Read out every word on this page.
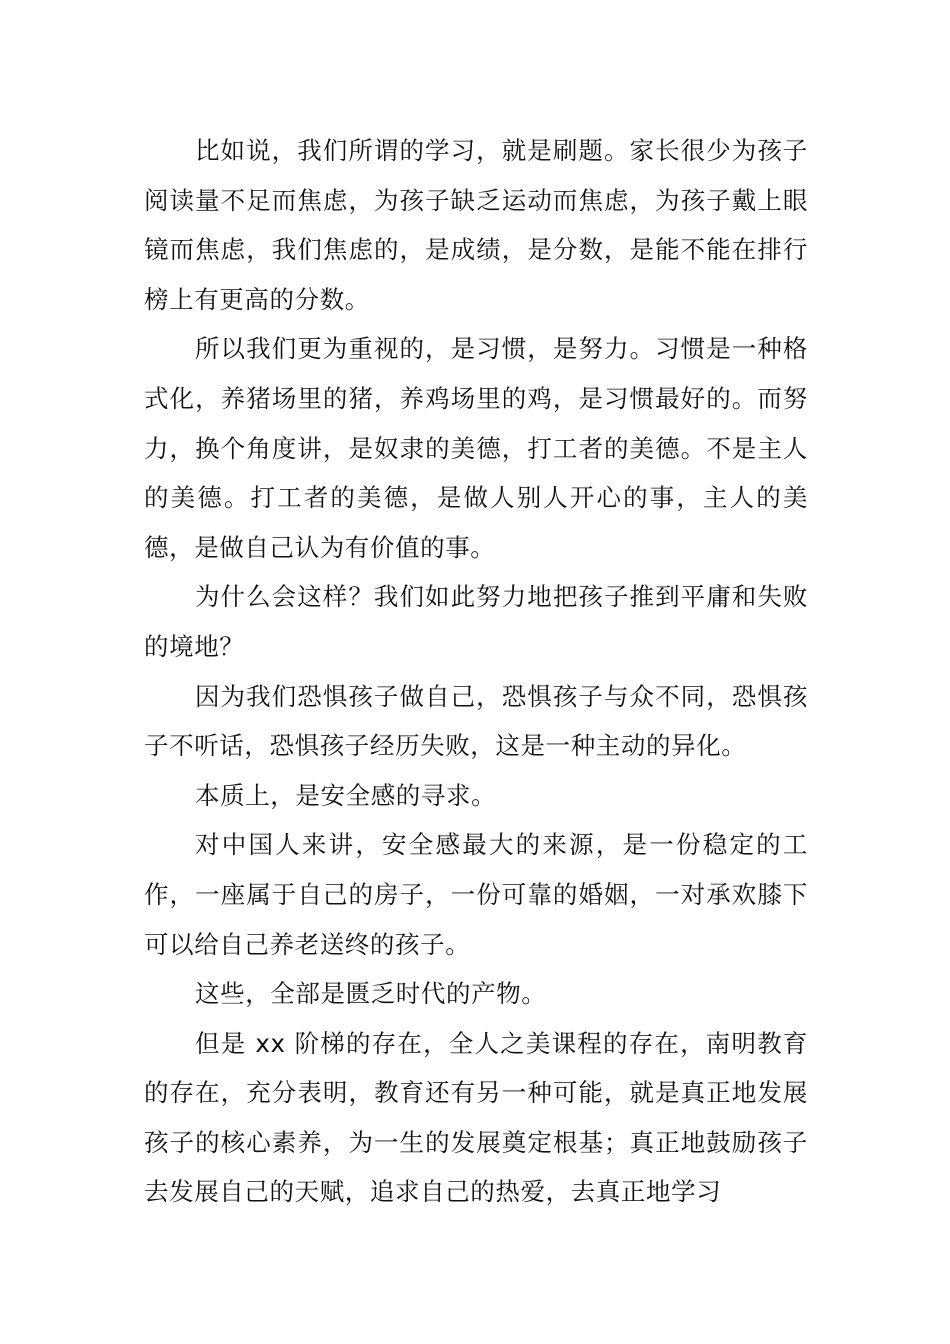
比如说，我们所谓的学习，就是刷题。家长很少为孩子阅读量不足而焦虑，为孩子缺乏运动而焦虑，为孩子戴上眼镜而焦虑，我们焦虑的，是成绩，是分数，是能不能在排行榜上有更高的分数。

所以我们更为重视的，是习惯，是努力。习惯是一种格式化，养猪场里的猪，养鸡场里的鸡，是习惯最好的。而努力，换个角度讲，是奴隶的美德，打工者的美德。不是主人的美德。打工者的美德，是做人别人开心的事，主人的美德，是做自己认为有价值的事。

为什么会这样？我们如此努力地把孩子推到平庸和失败的境地？

因为我们恐惧孩子做自己，恐惧孩子与众不同，恐惧孩子不听话，恐惧孩子经历失败，这是一种主动的异化。

本质上，是安全感的寻求。

对中国人来讲，安全感最大的来源，是一份稳定的工作，一座属于自己的房子，一份可靠的婚姻，一对承欢膝下可以给自己养老送终的孩子。

这些，全部是匮乏时代的产物。

但是 xx 阶梯的存在，全人之美课程的存在，南明教育的存在，充分表明，教育还有另一种可能，就是真正地发展孩子的核心素养，为一生的发展奠定根基；真正地鼓励孩子去发展自己的天赋，追求自己的热爱，去真正地学习
